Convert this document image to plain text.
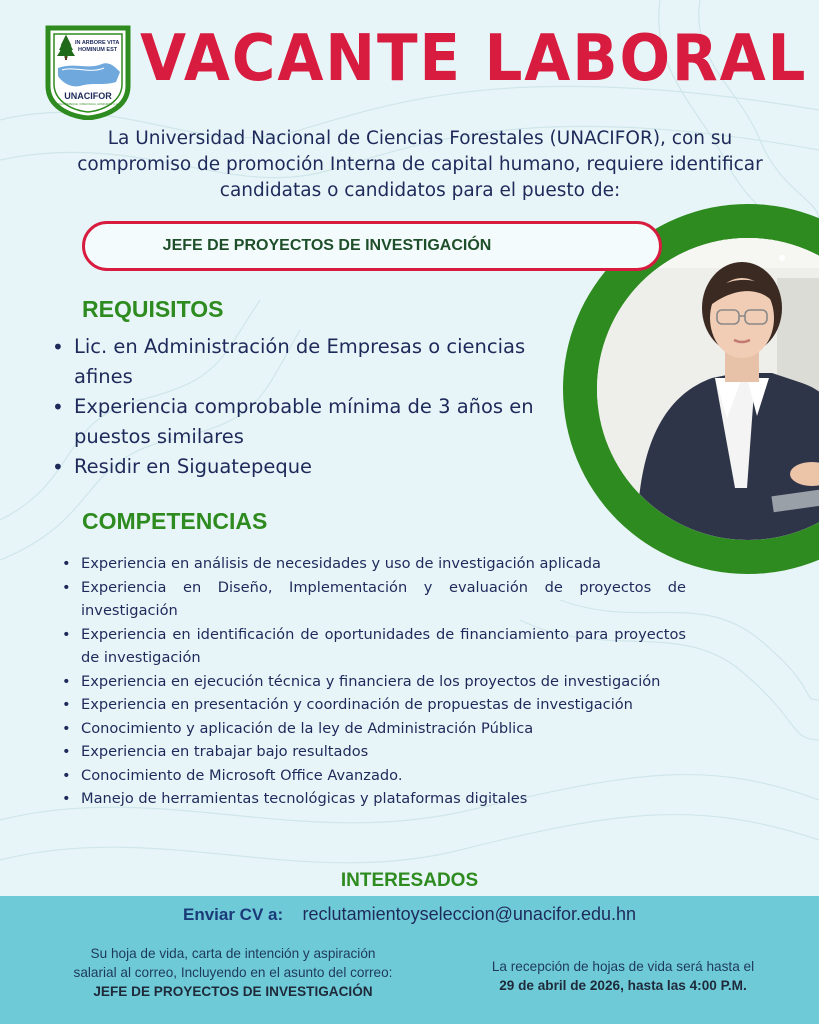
IN ARBORE VITA
HOMINUM EST
UNACIFOR
SIGUATEPEQUE, COMAYAGUA, HONDURAS, C.A.
VACANTE LABORAL
La Universidad Nacional de Ciencias Forestales (UNACIFOR), con su compromiso de promoción Interna de capital humano, requiere identificar candidatas o candidatos para el puesto de:
JEFE DE PROYECTOS DE INVESTIGACIÓN
REQUISITOS
• Lic. en Administración de Empresas o ciencias afines
• Experiencia comprobable mínima de 3 años en puestos similares
• Residir en Siguatepeque
COMPETENCIAS
• Experiencia en análisis de necesidades y uso de investigación aplicada
• Experiencia en Diseño, Implementación y evaluación de proyectos de investigación
• Experiencia en identificación de oportunidades de financiamiento para proyectos de investigación
• Experiencia en ejecución técnica y financiera de los proyectos de investigación
• Experiencia en presentación y coordinación de propuestas de investigación
• Conocimiento y aplicación de la ley de Administración Pública
• Experiencia en trabajar bajo resultados
• Conocimiento de Microsoft Office Avanzado.
• Manejo de herramientas tecnológicas y plataformas digitales
INTERESADOS
Enviar CV a: reclutamientoyseleccion@unacifor.edu.hn
Su hoja de vida, carta de intención y aspiración
salarial al correo, Incluyendo en el asunto del correo:
JEFE DE PROYECTOS DE INVESTIGACIÓN
La recepción de hojas de vida será hasta el
29 de abril de 2026, hasta las 4:00 P.M.
